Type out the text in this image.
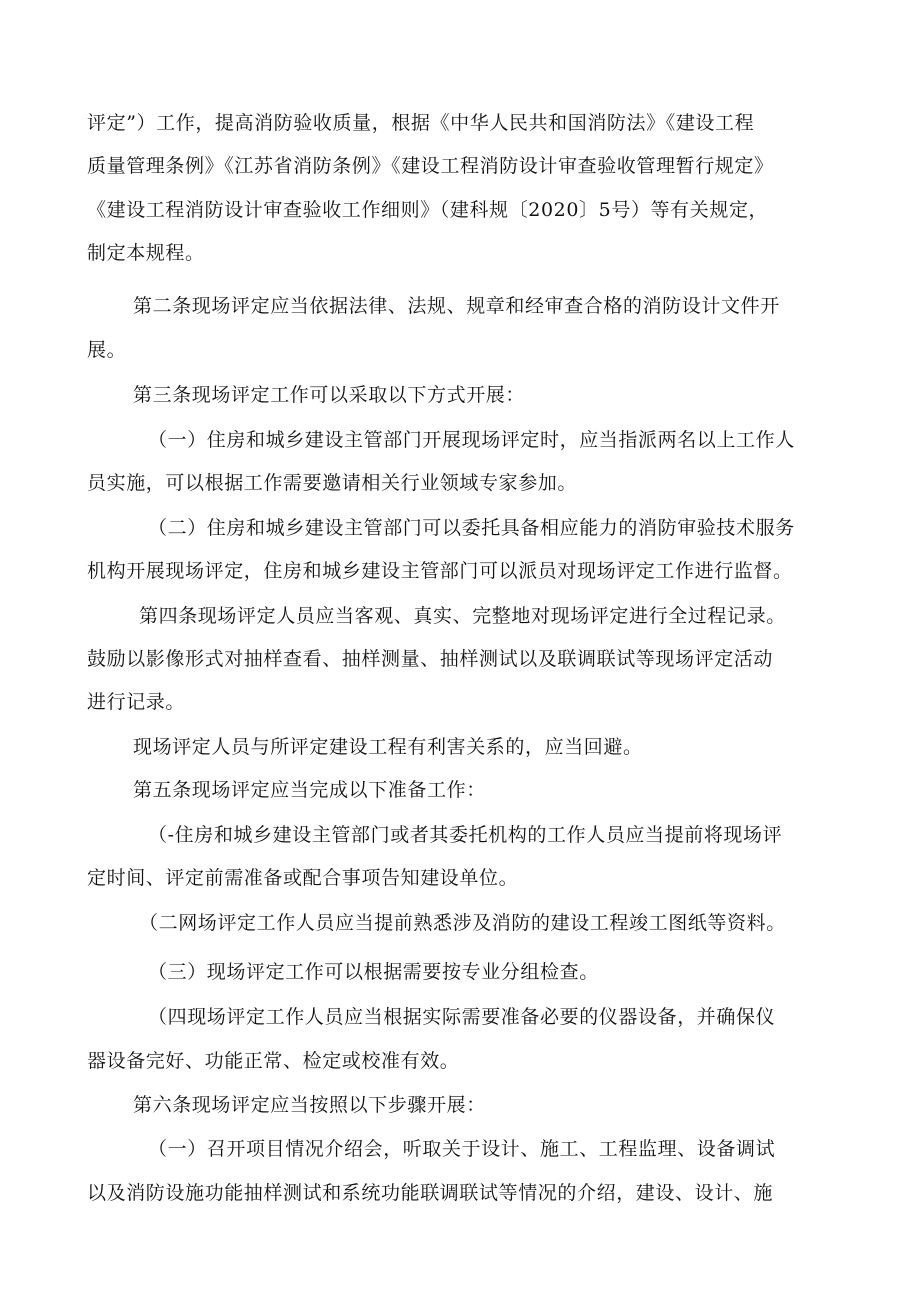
评定”）工作，提高消防验收质量，根据《中华人民共和国消防法》《建设工程
质量管理条例》《江苏省消防条例》《建设工程消防设计审查验收管理暂行规定》
《建设工程消防设计审查验收工作细则》（建科规〔2020〕5号）等有关规定，
制定本规程。
第二条现场评定应当依据法律、法规、规章和经审查合格的消防设计文件开
展。
第三条现场评定工作可以采取以下方式开展：
（一）住房和城乡建设主管部门开展现场评定时，应当指派两名以上工作人
员实施，可以根据工作需要邀请相关行业领域专家参加。
（二）住房和城乡建设主管部门可以委托具备相应能力的消防审验技术服务
机构开展现场评定，住房和城乡建设主管部门可以派员对现场评定工作进行监督。
第四条现场评定人员应当客观、真实、完整地对现场评定进行全过程记录。
鼓励以影像形式对抽样查看、抽样测量、抽样测试以及联调联试等现场评定活动
进行记录。
现场评定人员与所评定建设工程有利害关系的，应当回避。
第五条现场评定应当完成以下准备工作：
（-住房和城乡建设主管部门或者其委托机构的工作人员应当提前将现场评
定时间、评定前需准备或配合事项告知建设单位。
（二网场评定工作人员应当提前熟悉涉及消防的建设工程竣工图纸等资料。
（三）现场评定工作可以根据需要按专业分组检查。
（四现场评定工作人员应当根据实际需要准备必要的仪器设备，并确保仪
器设备完好、功能正常、检定或校准有效。
第六条现场评定应当按照以下步骤开展：
（一）召开项目情况介绍会，听取关于设计、施工、工程监理、设备调试
以及消防设施功能抽样测试和系统功能联调联试等情况的介绍，建设、设计、施
